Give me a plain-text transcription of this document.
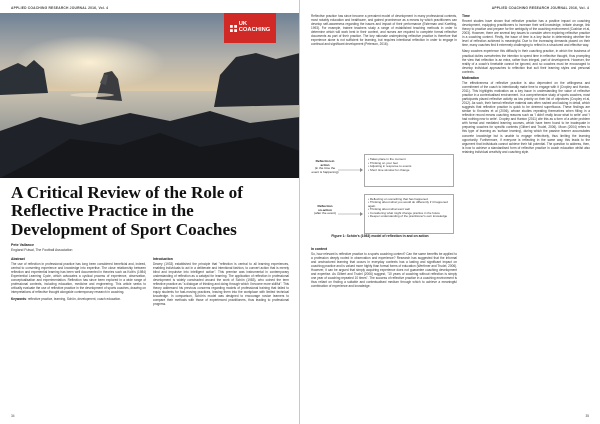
APPLIED COACHING RESEARCH JOURNAL 2016, Vol. 4
UK
COACHING
A Critical Review of the Role of Reflective Practice in the Development of Sport Coaches
Pete Vallance
England Futsal, The Football Association
Abstract

The use of reflection in professional practice has long been considered beneficial and, indeed, central to converting experience and knowledge into expertise. The close relationship between reflection and experiential learning has been well documented in theories such as Kolb's (1984) Experiential Learning Cycle, which advocates a cyclical process of experience, observation, conceptualisation and experimentation. Reflection has since been explored in a wide range of professional contexts, including education, medicine and engineering. This article seeks to critically evaluate the use of reflective practice in the development of sports coaches, drawing on interpretations of reflective thought alongside contemporary research in coaching.

Keywords: reflective practice, learning, Schön, development, coach education.

Introduction

Dewey (1933) established the principle that "reflection is central to all learning experiences, enabling individuals to act in a deliberate and intentional fashion, to convert action that is merely blind and impulsive into intelligent action". This premise was instrumental in contemporary understanding of reflection as a catalyst for learning. The application of reflection in professional development is widely constructed around the work of Schön (1983), who coined the term reflective practice as "a dialogue of thinking and doing through which I become more skillful". This theory addressed his previous concerns regarding models of professional training that failed to equip students for fast-moving practices, leaving them into the workplace with limited technical knowledge. In comparison, Schön's model was designed to encourage novice learners to compare their methods with those of experienced practitioners, thus leading to professional progress.

34
APPLIED COACHING RESEARCH JOURNAL 2016, Vol. 4

Reflective practice has since become a prevalent model of development in many professional contexts, most notably education and healthcare, and gained prominence as a means by which practitioners can develop self-awareness regarding the issues and impact of their performance (Esterman and Koetting, 1993). For example, trainee teachers study a range of established teaching methods in order to determine which will work best in their context, and nurses are required to complete formal reflective documents as part of their practice. The key rationale underpinning reflective practice is therefore that experience alone is not sufficient for learning, but requires intentional reflection in order to engage in continual and significant development (Peterson, 2016).

Reflection-in
action
(in the time the
event is happening)
• Takes place in the moment
• Thinking on your feet
• Adjusting in response to events
• Short time window for change
Reflection
on-action
(after the event)
• Reflecting on something that has happened
• Thinking about what you would do differently if it happened again
• Thinking about what went well
• Considering what might change practice in the future
• Deeper understanding of the practitioner's own knowledge
Figure 1: Schön's (1983) model of reflection in and on action
In context

So, how relevant is reflective practice to a sports coaching context? Can the same benefits be applied to a profession deeply rooted in observation and experience? Research has suggested that the informal and unstructured learning that occurs in everyday contexts has a lasting and significant impact on coaching practice and is valued more highly than formal forms of education (Werthner and Trudel, 2006). However, it can be argued that simply acquiring experience does not guarantee coaching development and expertise. As Gilbert and Trudel (2006) suggest, "10 years of coaching without reflection is simply one year of coaching repeated 10 times". The success of reflective practice in a coaching environment is thus reliant on finding a suitable and contextualised medium through which to achieve a meaningful combination of experience and knowledge.

Time

Recent studies have shown that reflective practice has a positive impact on coaching development, equipping practitioners to increase their self-knowledge, initiate change, link theory to practice and prepare for the ambiguity of the coaching environment (Cushion et al, 2003). However, there are several key issues to consider when exploring reflective practice in a coaching context. Firstly, the issue of time is a key factor in determining whether the level of reflection achieved is meaningful. Due to the increasing demands placed on their time, many coaches find it extremely challenging to reflect in a structured and effective way.

Many coaches experience this difficulty in their coaching practice, in which the business of practical duties overwhelms the intention to spend time in reflective thought, thus prompting the view that reflection is an extra, rather than integral, part of development. However, the reality of a coach's timetable cannot be ignored, and so coaches must be encouraged to develop individual approaches to reflection that suit their learning styles and personal contexts.

Motivation

The effectiveness of reflective practice is also dependent on the willingness and commitment of the coach to intentionally make time to engage with it (Cropley and Hanton, 2011). This highlights motivation as a key issue in understanding the value of reflective practice in a contextualised environment. In a comprehensive study of sports coaches, most participants placed reflective activity as low priority on their list of objectives (Cropley et al, 2012). As such, their formal reflective material was often rushed and lacking in detail, which suggests that reflective practice is quick to be deemed superfluous. These findings are similar to Knowles et al (2006), whose studies repeating themselves when filling in a reflective record means coaching reasons such as 'I didn't really know what to write' and 'I had nothing new to write'. Cropley and Hanton (2011) cite this as a form of a wider problem with formal and mediated learning courses, which have been found to be inadequate in preparing coaches for specific contexts (Gilbert and Trudel, 2006). Moon (2004) refers to this type of learning as 'surface learning', during which the passive learner accumulates concrete knowledge but is unable to engage reflectively, thus limiting the learning opportunity. Furthermore, if everyone is reflecting in the same way, this leads to the argument that individuals cannot achieve their full potential. The question to address, then, is how to achieve a standardised form of reflective practice in coach education whilst also retaining individual creativity and coaching style.

35
